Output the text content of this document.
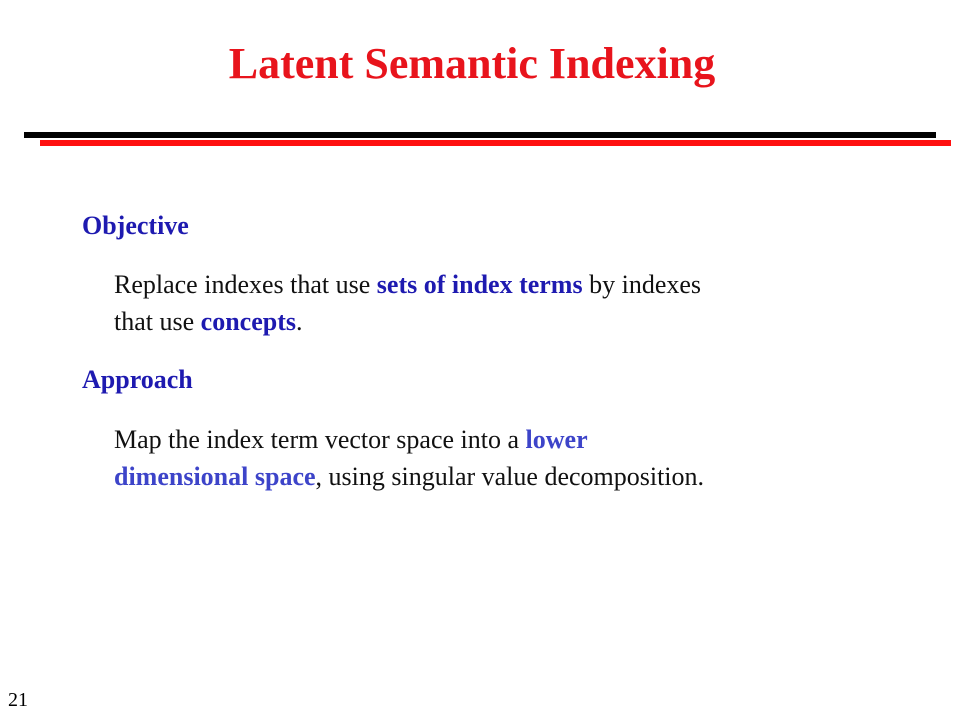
Latent Semantic Indexing

Objective

Replace indexes that use sets of index terms by indexes
that use concepts.

Approach

Map the index term vector space into a lower
dimensional space, using singular value decomposition.

21
